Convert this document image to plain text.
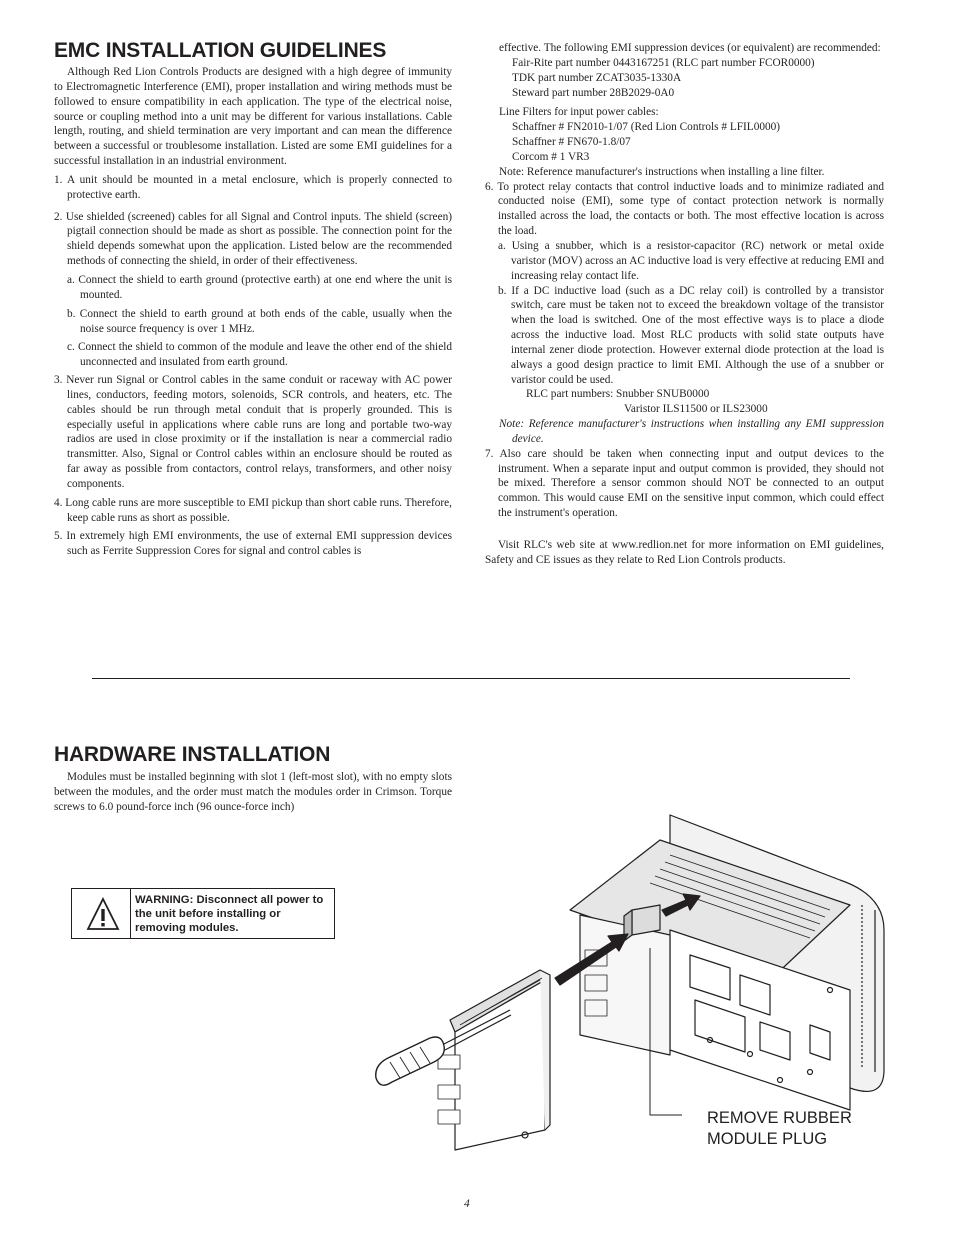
EMC INSTALLATION GUIDELINES

Although Red Lion Controls Products are designed with a high degree of immunity to Electromagnetic Interference (EMI), proper installation and wiring methods must be followed to ensure compatibility in each application. The type of the electrical noise, source or coupling method into a unit may be different for various installations. Cable length, routing, and shield termination are very important and can mean the difference between a successful or troublesome installation. Listed are some EMI guidelines for a successful installation in an industrial environment.

1. A unit should be mounted in a metal enclosure, which is properly connected to protective earth.

2. Use shielded (screened) cables for all Signal and Control inputs. The shield (screen) pigtail connection should be made as short as possible. The connection point for the shield depends somewhat upon the application. Listed below are the recommended methods of connecting the shield, in order of their effectiveness.

a. Connect the shield to earth ground (protective earth) at one end where the unit is mounted.

b. Connect the shield to earth ground at both ends of the cable, usually when the noise source frequency is over 1 MHz.

c. Connect the shield to common of the module and leave the other end of the shield unconnected and insulated from earth ground.

3. Never run Signal or Control cables in the same conduit or raceway with AC power lines, conductors, feeding motors, solenoids, SCR controls, and heaters, etc. The cables should be run through metal conduit that is properly grounded. This is especially useful in applications where cable runs are long and portable two-way radios are used in close proximity or if the installation is near a commercial radio transmitter. Also, Signal or Control cables within an enclosure should be routed as far away as possible from contactors, control relays, transformers, and other noisy components.

4. Long cable runs are more susceptible to EMI pickup than short cable runs. Therefore, keep cable runs as short as possible.

5. In extremely high EMI environments, the use of external EMI suppression devices such as Ferrite Suppression Cores for signal and control cables is

effective. The following EMI suppression devices (or equivalent) are recommended:

Fair-Rite part number 0443167251 (RLC part number FCOR0000)

TDK part number ZCAT3035-1330A

Steward part number 28B2029-0A0

Line Filters for input power cables:

Schaffner # FN2010-1/07 (Red Lion Controls # LFIL0000)

Schaffner # FN670-1.8/07

Corcom # 1 VR3

Note: Reference manufacturer's instructions when installing a line filter.

6. To protect relay contacts that control inductive loads and to minimize radiated and conducted noise (EMI), some type of contact protection network is normally installed across the load, the contacts or both. The most effective location is across the load.

a. Using a snubber, which is a resistor-capacitor (RC) network or metal oxide varistor (MOV) across an AC inductive load is very effective at reducing EMI and increasing relay contact life.

b. If a DC inductive load (such as a DC relay coil) is controlled by a transistor switch, care must be taken not to exceed the breakdown voltage of the transistor when the load is switched. One of the most effective ways is to place a diode across the inductive load. Most RLC products with solid state outputs have internal zener diode protection. However external diode protection at the load is always a good design practice to limit EMI. Although the use of a snubber or varistor could be used.

RLC part numbers: Snubber SNUB0000

Varistor ILS11500 or ILS23000

Note: Reference manufacturer's instructions when installing any EMI suppression device.

7. Also care should be taken when connecting input and output devices to the instrument. When a separate input and output common is provided, they should not be mixed. Therefore a sensor common should NOT be connected to an output common. This would cause EMI on the sensitive input common, which could effect the instrument's operation.

Visit RLC's web site at www.redlion.net for more information on EMI guidelines, Safety and CE issues as they relate to Red Lion Controls products.

HARDWARE INSTALLATION

Modules must be installed beginning with slot 1 (left-most slot), with no empty slots between the modules, and the order must match the modules order in Crimson. Torque screws to 6.0 pound-force inch (96 ounce-force inch)

WARNING: Disconnect all power to the unit before installing or removing modules.
REMOVE RUBBER
MODULE PLUG
4
